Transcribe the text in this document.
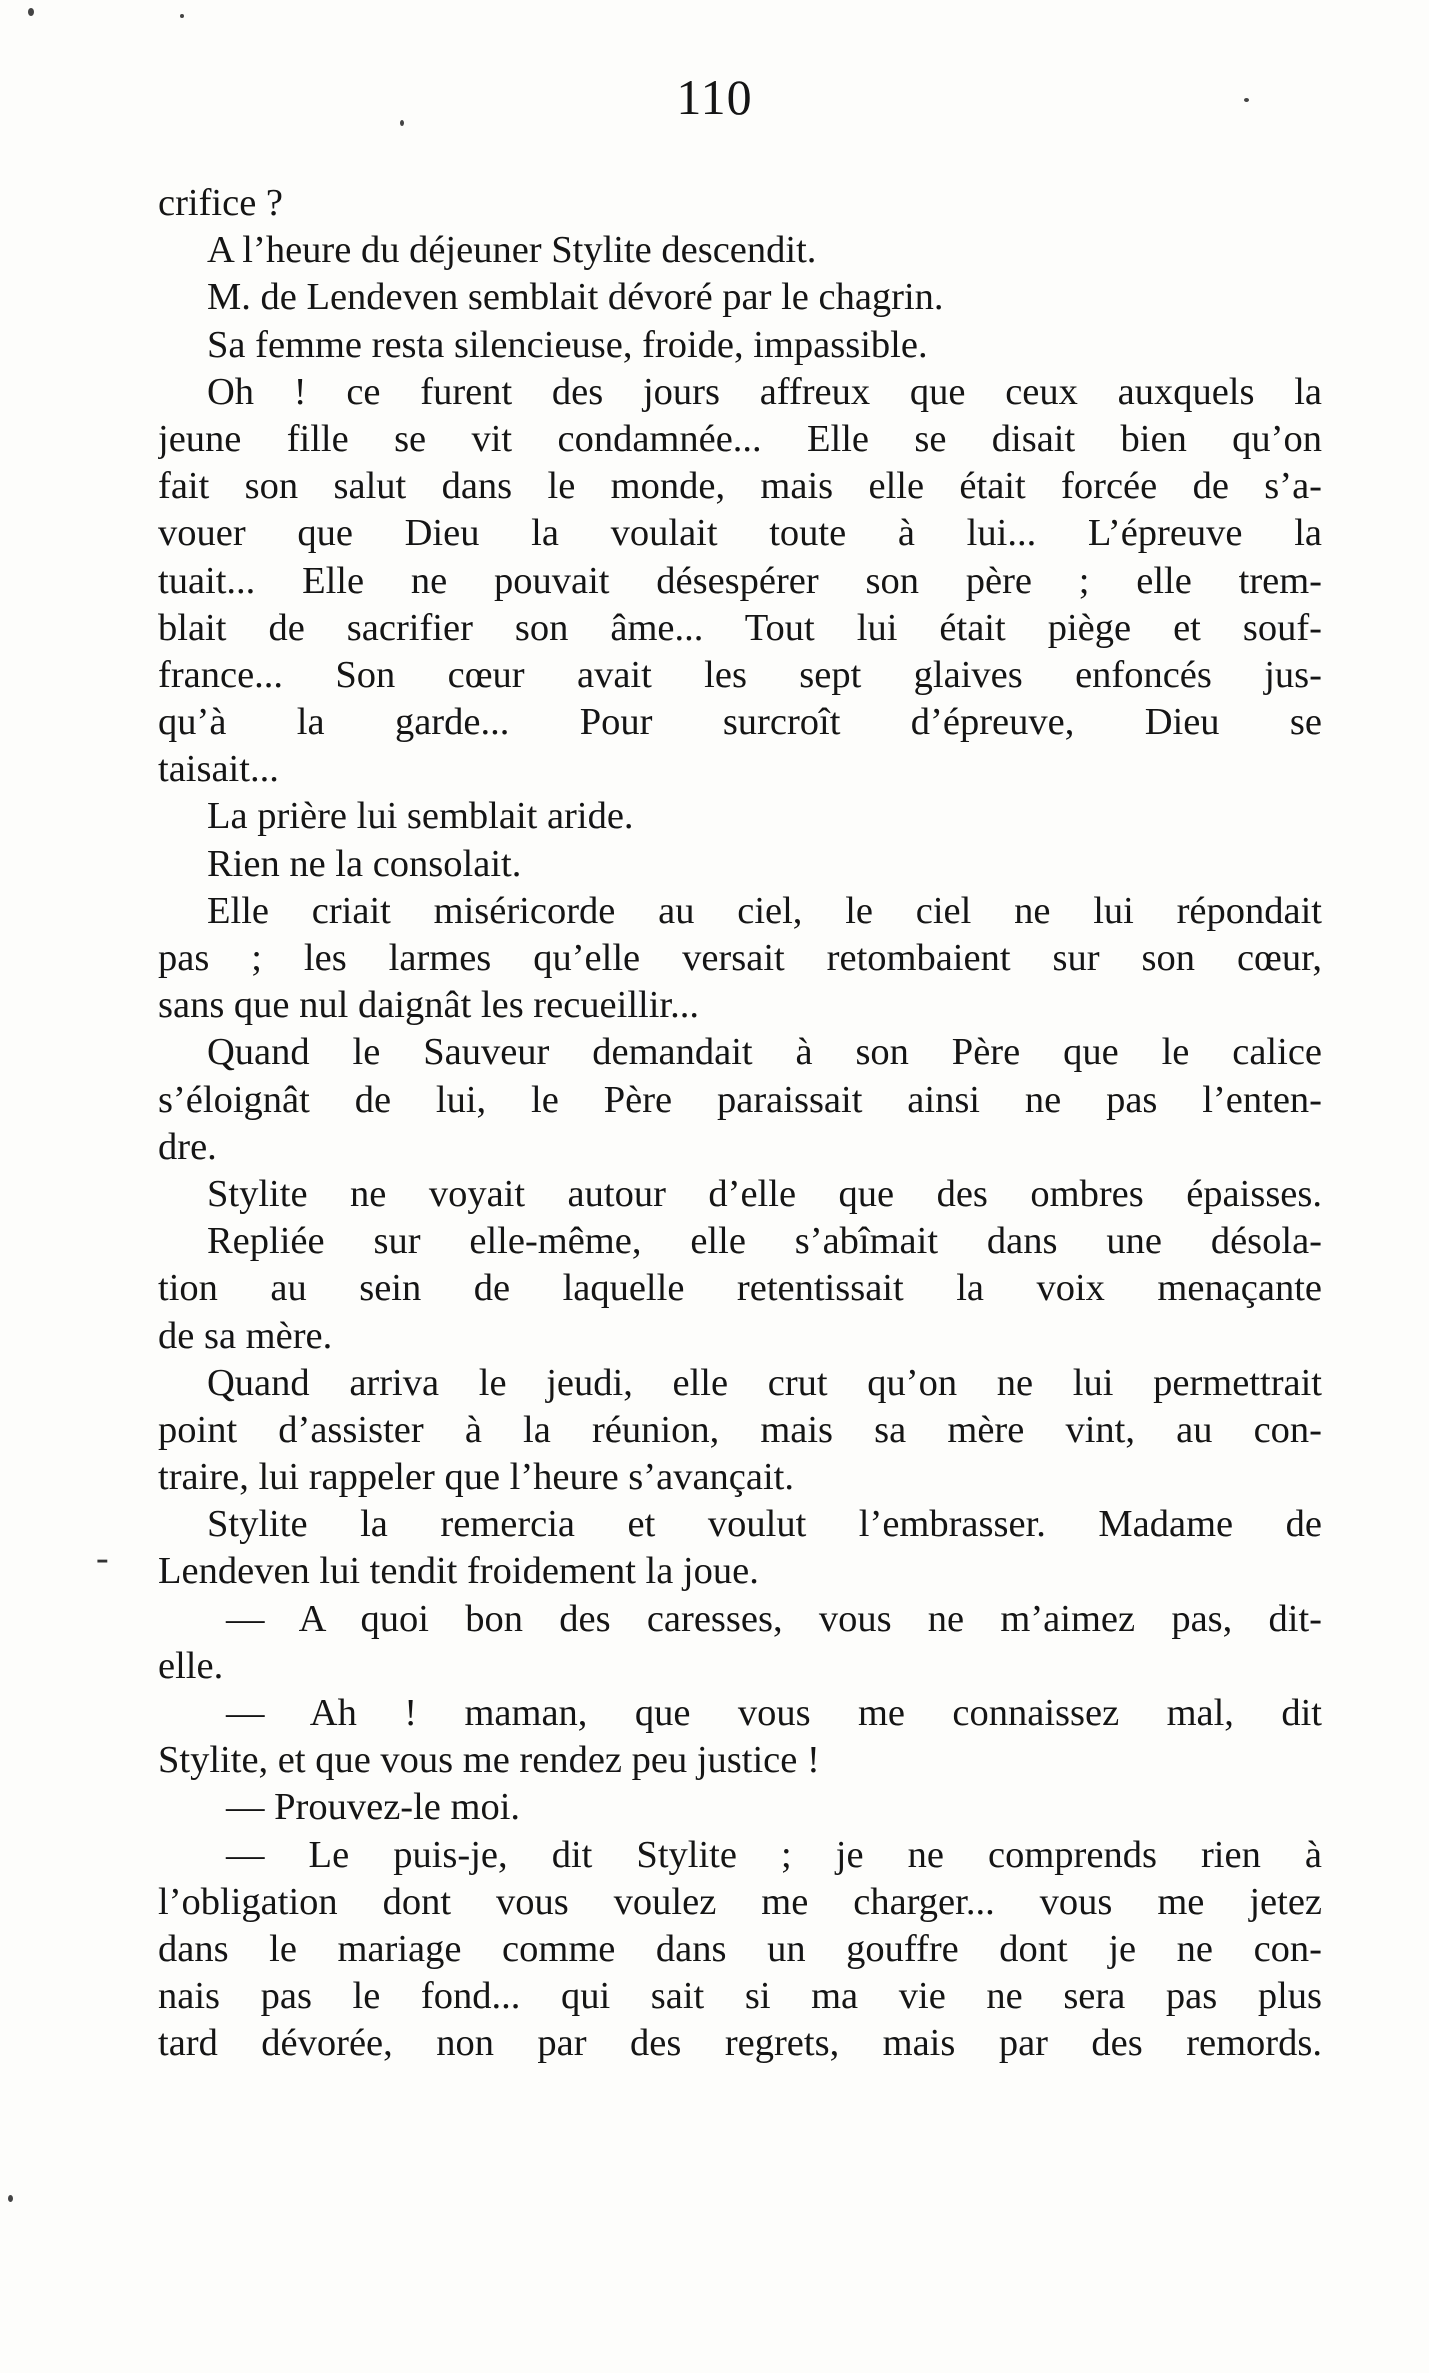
110
-
crifice ?
A l’heure du déjeuner Stylite descendit.
M. de Lendeven semblait dévoré par le chagrin.
Sa femme resta silencieuse, froide, impassible.
Oh ! ce furent des jours affreux que ceux auxquels la
jeune fille se vit condamnée... Elle se disait bien qu’on
fait son salut dans le monde, mais elle était forcée de s’a-
vouer que Dieu la voulait toute à lui... L’épreuve la
tuait... Elle ne pouvait désespérer son père ; elle trem-
blait de sacrifier son âme... Tout lui était piège et souf-
france... Son cœur avait les sept glaives enfoncés jus-
qu’à la garde... Pour surcroît d’épreuve, Dieu se
taisait...
La prière lui semblait aride.
Rien ne la consolait.
Elle criait miséricorde au ciel, le ciel ne lui répondait
pas ; les larmes qu’elle versait retombaient sur son cœur,
sans que nul daignât les recueillir...
Quand le Sauveur demandait à son Père que le calice
s’éloignât de lui, le Père paraissait ainsi ne pas l’enten-
dre.
Stylite ne voyait autour d’elle que des ombres épaisses.
Repliée sur elle-même, elle s’abîmait dans une désola-
tion au sein de laquelle retentissait la voix menaçante
de sa mère.
Quand arriva le jeudi, elle crut qu’on ne lui permettrait
point d’assister à la réunion, mais sa mère vint, au con-
traire, lui rappeler que l’heure s’avançait.
Stylite la remercia et voulut l’embrasser. Madame de
Lendeven lui tendit froidement la joue.
— A quoi bon des caresses, vous ne m’aimez pas, dit-
elle.
— Ah ! maman, que vous me connaissez mal, dit
Stylite, et que vous me rendez peu justice !
— Prouvez-le moi.
— Le puis-je, dit Stylite ; je ne comprends rien à
l’obligation dont vous voulez me charger... vous me jetez
dans le mariage comme dans un gouffre dont je ne con-
nais pas le fond... qui sait si ma vie ne sera pas plus
tard dévorée, non par des regrets, mais par des remords.
